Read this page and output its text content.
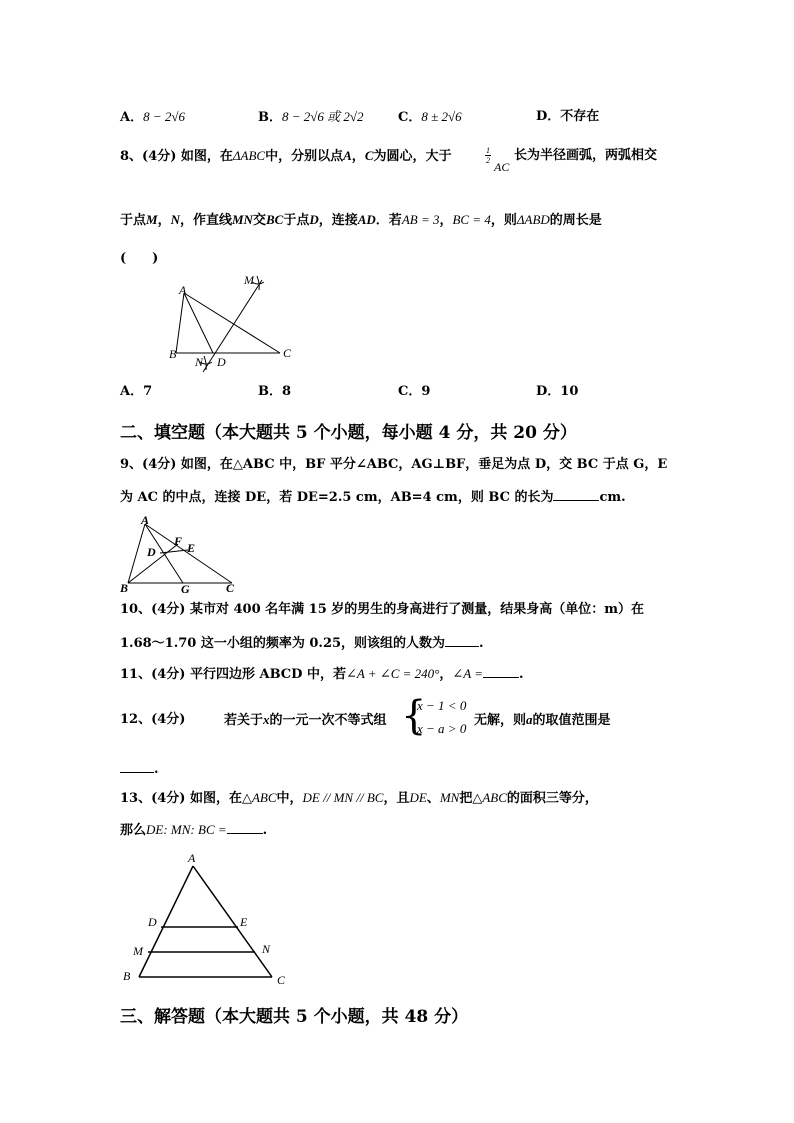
A．8 − 2√6	B．8 − 2√6 或 2√2	C．8 ± 2√6	D．不存在
8、(4分) 如图，在ΔABC中，分别以点A，C为圆心，大于	1
2 AC
长为半径画弧，两弧相交
于点M，N，作直线MN交BC于点D，连接AD．若AB = 3，BC = 4，则ΔABD的周长是
(　　)
A
B	C
D
M
N
A．7	B．8	C．9	D．10
二、填空题（本大题共 5 个小题，每小题 4 分，共 20 分）
9、(4分) 如图，在△ABC 中，BF 平分∠ABC，AG⊥BF，垂足为点 D，交 BC 于点 G，E
为 AC 的中点，连接 DE，若 DE=2.5 cm，AB=4 cm，则 BC 的长为	cm.
A
B	C
D	E
F
G
10、(4分) 某市对 400 名年满 15 岁的男生的身高进行了测量，结果身高（单位：m）在
1.68～1.70 这一小组的频率为 0.25，则该组的人数为	.
11、(4分) 平行四边形 ABCD 中，若∠A + ∠C = 240°，∠A =	.
12、(4分)	若关于x的一元一次不等式组 {
x − 1 < 0
x − a > 0
无解，则a的取值范围是
.
13、(4分) 如图，在△ABC中，DE // MN // BC，且DE、MN把△ABC的面积三等分，
那么DE: MN: BC =	.
A
D	E
M	N
B	C
三、解答题（本大题共 5 个小题，共 48 分）
